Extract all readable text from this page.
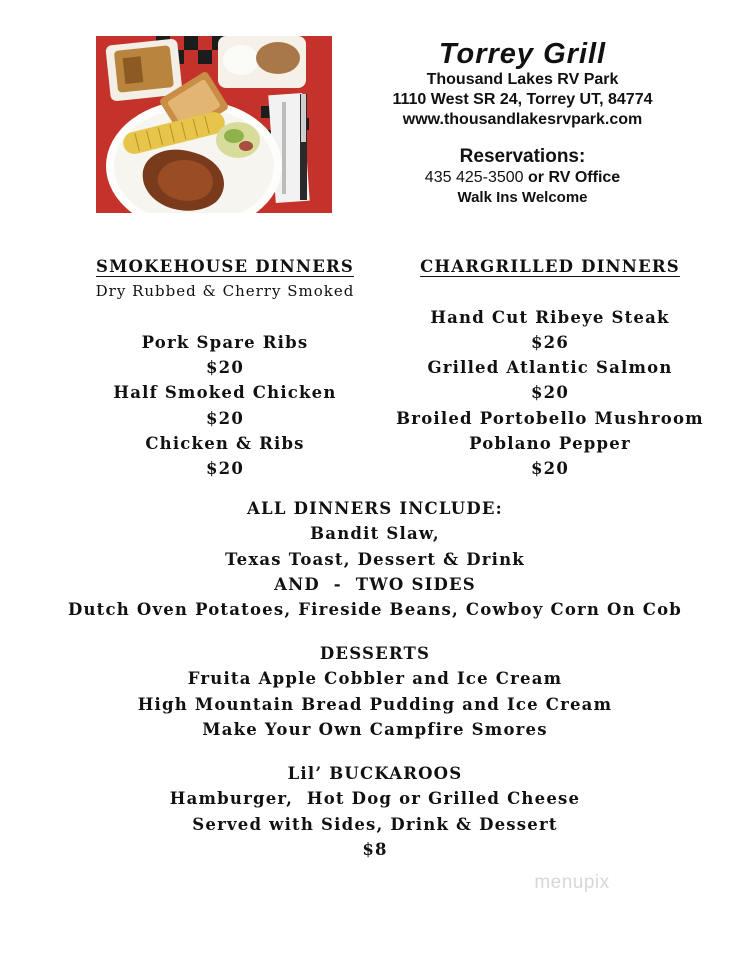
Torrey Grill
Thousand Lakes RV Park
1110 West SR 24, Torrey UT, 84774
www.thousandlakesrvpark.com
Reservations:
435 425-3500 or RV Office
Walk Ins Welcome
SMOKEHOUSE DINNERS
Dry Rubbed & Cherry Smoked

Pork Spare Ribs
$20
Half Smoked Chicken
$20
Chicken & Ribs
$20
CHARGRILLED DINNERS

Hand Cut Ribeye Steak
$26
Grilled Atlantic Salmon
$20
Broiled Portobello Mushroom
Poblano Pepper
$20
ALL DINNERS INCLUDE:
Bandit Slaw,
Texas Toast, Dessert & Drink
AND  -  TWO SIDES
Dutch Oven Potatoes, Fireside Beans, Cowboy Corn On Cob
DESSERTS
Fruita Apple Cobbler and Ice Cream
High Mountain Bread Pudding and Ice Cream
Make Your Own Campfire Smores
Lil’ BUCKAROOS
Hamburger,  Hot Dog or Grilled Cheese
Served with Sides, Drink & Dessert
$8
menupix
